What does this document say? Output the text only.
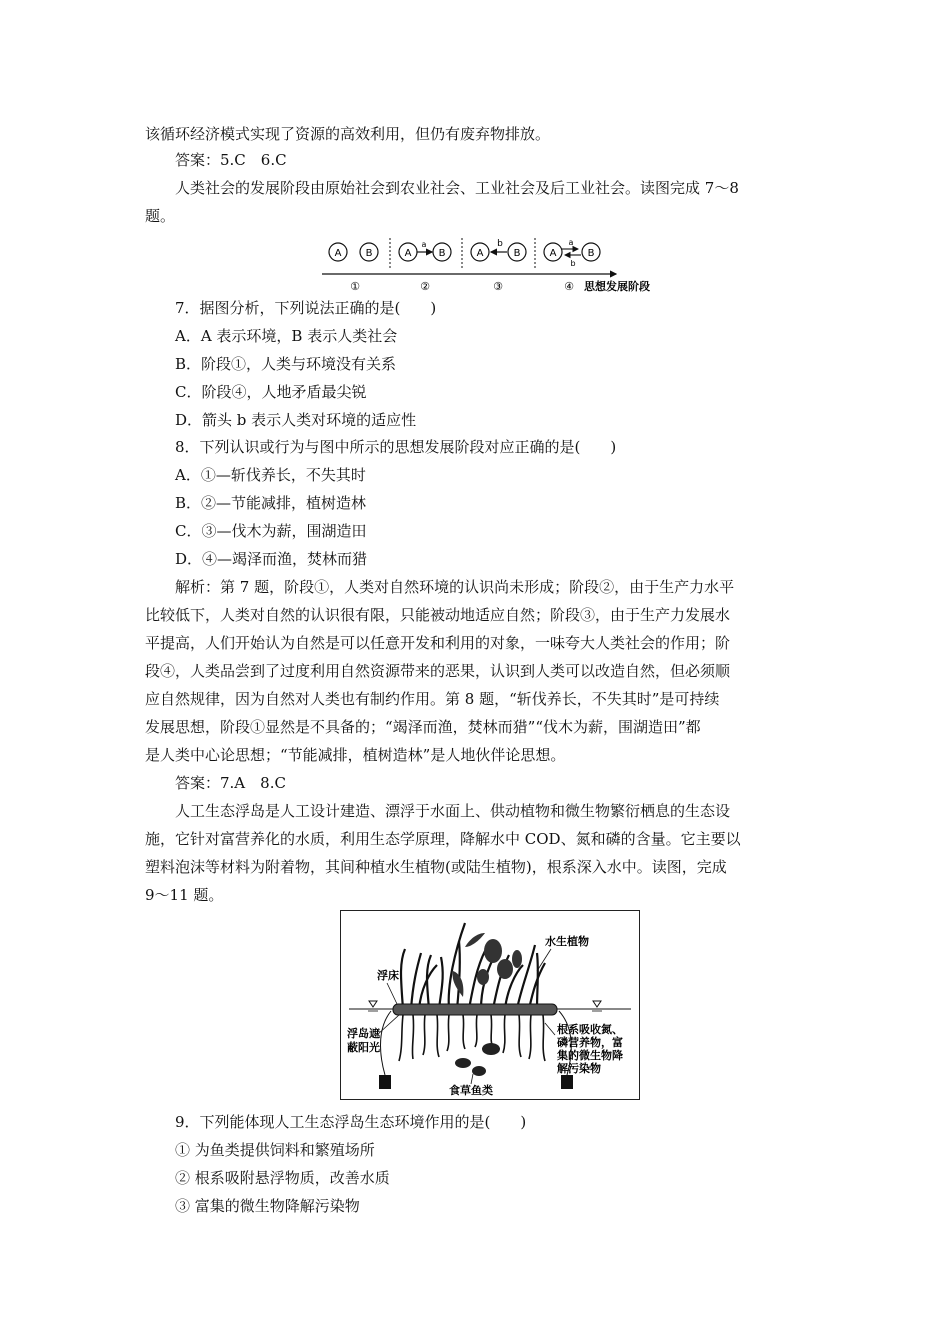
该循环经济模式实现了资源的高效利用，但仍有废弃物排放。
答案：5.C　6.C
人类社会的发展阶段由原始社会到农业社会、工业社会及后工业社会。读图完成 7～8
题。
A B	A
a
B	A
b
B	A
a
b
B
①	②	③	④ 思想发展阶段
7．据图分析，下列说法正确的是(　　)
A．A 表示环境，B 表示人类社会
B．阶段①，人类与环境没有关系
C．阶段④，人地矛盾最尖锐
D．箭头 b 表示人类对环境的适应性
8．下列认识或行为与图中所示的思想发展阶段对应正确的是(　　)
A．①—斩伐养长，不失其时
B．②—节能减排，植树造林
C．③—伐木为薪，围湖造田
D．④—竭泽而渔，焚林而猎
解析：第 7 题，阶段①，人类对自然环境的认识尚未形成；阶段②，由于生产力水平
比较低下，人类对自然的认识很有限，只能被动地适应自然；阶段③，由于生产力发展水
平提高，人们开始认为自然是可以任意开发和利用的对象，一味夸大人类社会的作用；阶
段④，人类品尝到了过度利用自然资源带来的恶果，认识到人类可以改造自然，但必须顺
应自然规律，因为自然对人类也有制约作用。第 8 题，“斩伐养长，不失其时”是可持续
发展思想，阶段①显然是不具备的；“竭泽而渔，焚林而猎”“伐木为薪，围湖造田”都
是人类中心论思想；“节能减排，植树造林”是人地伙伴论思想。
答案：7.A　8.C
人工生态浮岛是人工设计建造、漂浮于水面上、供动植物和微生物繁衍栖息的生态设
施，它针对富营养化的水质，利用生态学原理，降解水中 COD、氮和磷的含量。它主要以
塑料泡沫等材料为附着物，其间种植水生植物(或陆生植物)，根系深入水中。读图，完成
9～11 题。
水生植物
浮床
浮岛遮
蔽阳光
根系吸收氮、
磷营养物，富
集的微生物降
解污染物
食草鱼类
9．下列能体现人工生态浮岛生态环境作用的是(　　)
① 为鱼类提供饲料和繁殖场所
② 根系吸附悬浮物质，改善水质
③ 富集的微生物降解污染物
